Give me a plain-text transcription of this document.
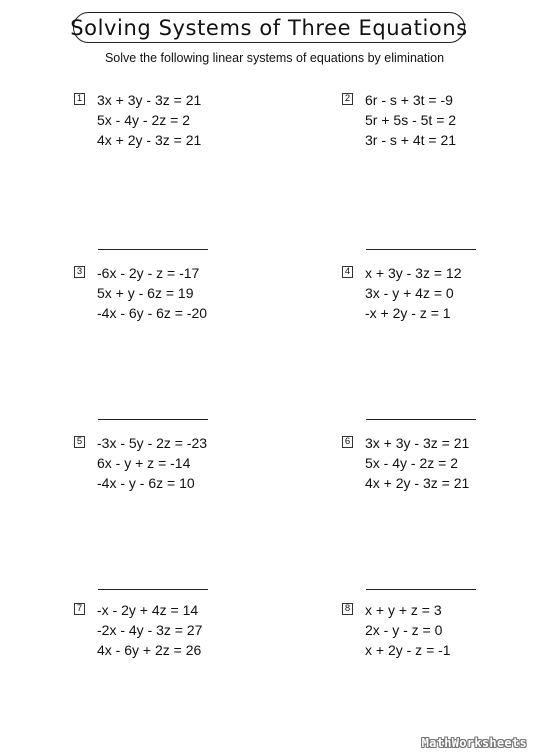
Solving Systems of Three Equations
Solve the following linear systems of equations by elimination
1 3x + 3y - 3z = 21
5x - 4y - 2z = 2
4x + 2y - 3z = 21
2 6r - s + 3t = -9
5r + 5s - 5t = 2
3r - s + 4t = 21
3 -6x - 2y - z = -17
5x + y - 6z = 19
-4x - 6y - 6z = -20
4 x + 3y - 3z = 12
3x - y + 4z = 0
-x + 2y - z = 1
5 -3x - 5y - 2z = -23
6x - y + z = -14
-4x - y - 6z = 10
6 3x + 3y - 3z = 21
5x - 4y - 2z = 2
4x + 2y - 3z = 21
7 -x - 2y + 4z = 14
-2x - 4y - 3z = 27
4x - 6y + 2z = 26
8 x + y + z = 3
2x - y - z = 0
x + 2y - z = -1
MathWorksheets
